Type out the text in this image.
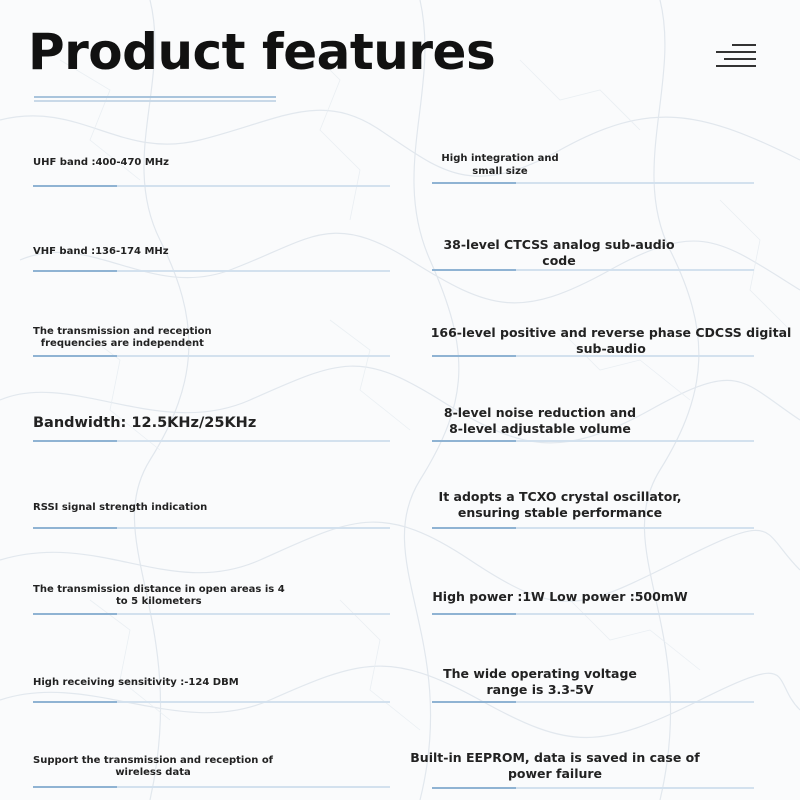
Product features
UHF band :400-470 MHz
VHF band :136-174 MHz
The transmission and reception
frequencies are independent
Bandwidth: 12.5KHz/25KHz
RSSI signal strength indication
The transmission distance in open areas is 4
to 5 kilometers
High receiving sensitivity :-124 DBM
Support the transmission and reception of
wireless data
High integration and
small size
38-level CTCSS analog sub-audio
code
166-level positive and reverse phase CDCSS digital
sub-audio
8-level noise reduction and
8-level adjustable volume
It adopts a TCXO crystal oscillator,
ensuring stable performance
High power :1W Low power :500mW
The wide operating voltage
range is 3.3-5V
Built-in EEPROM, data is saved in case of
power failure
